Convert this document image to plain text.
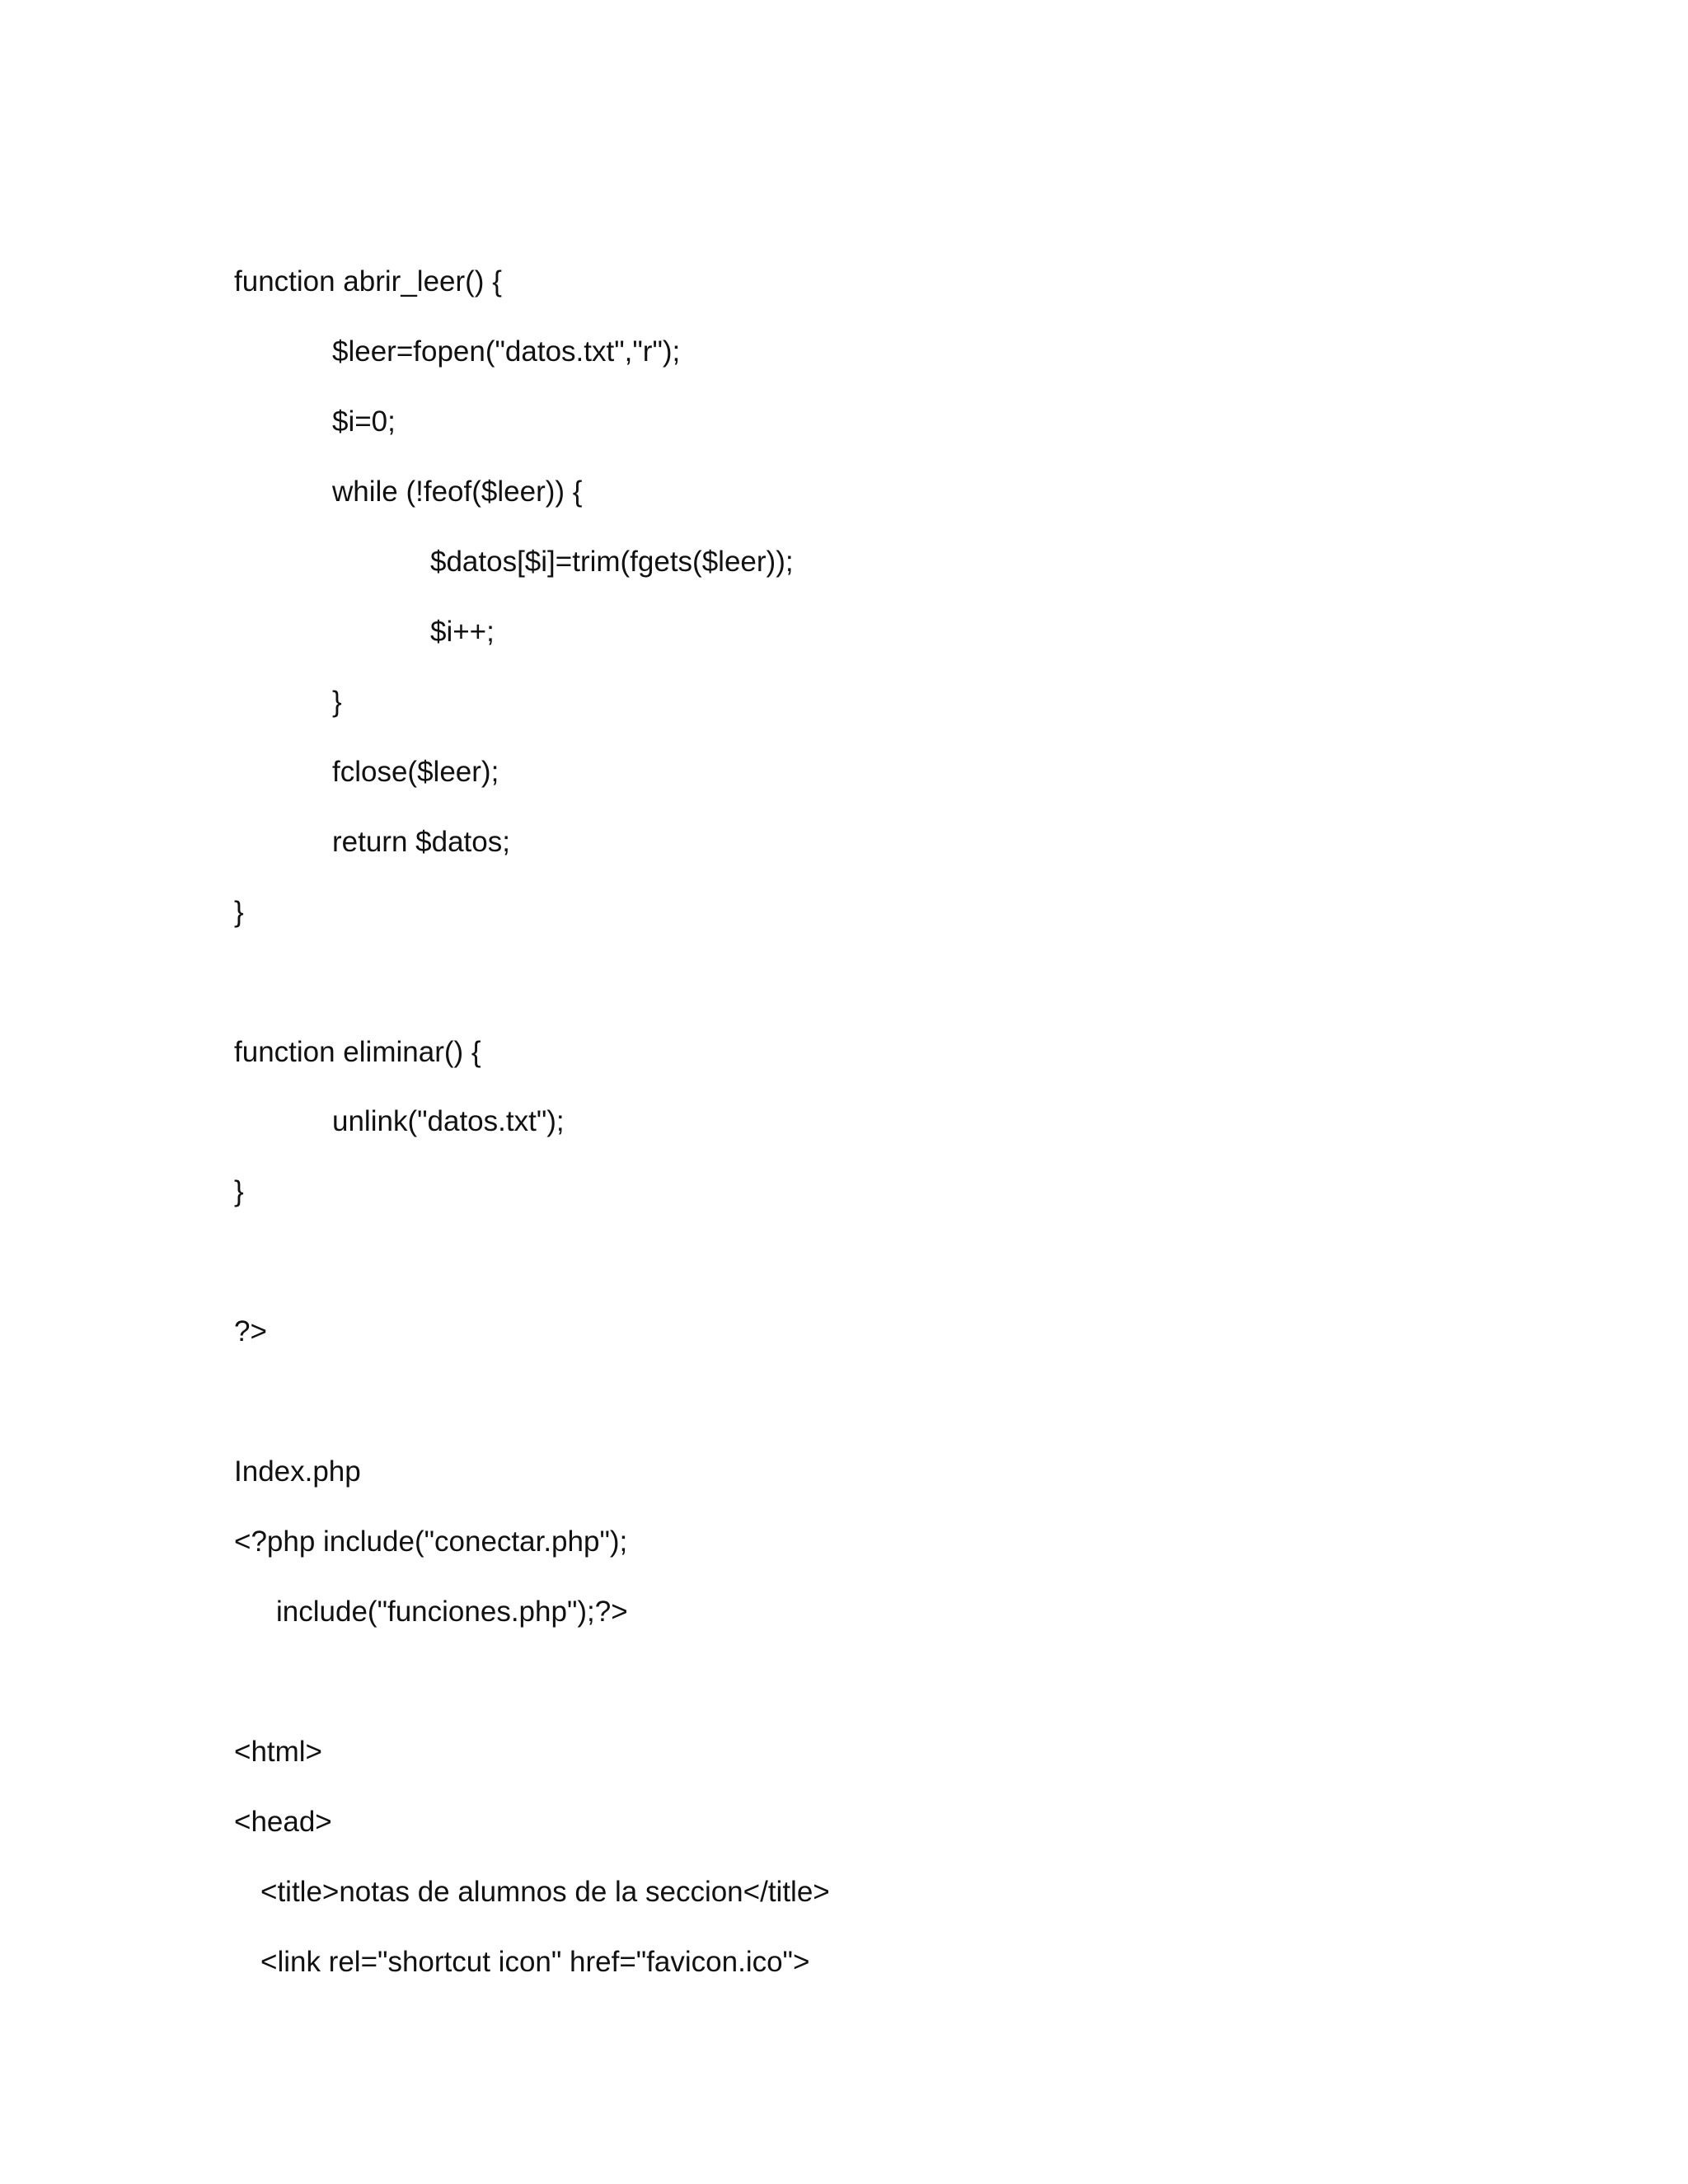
function abrir_leer() {
$leer=fopen("datos.txt","r");
$i=0;
while (!feof($leer)) {
$datos[$i]=trim(fgets($leer));
$i++;
}
fclose($leer);
return $datos;
}
function eliminar() {
unlink("datos.txt");
}
?>
Index.php
<?php include("conectar.php");
include("funciones.php");?>
<html>
<head>
<title>notas de alumnos de la seccion</title>
<link rel="shortcut icon" href="favicon.ico">
